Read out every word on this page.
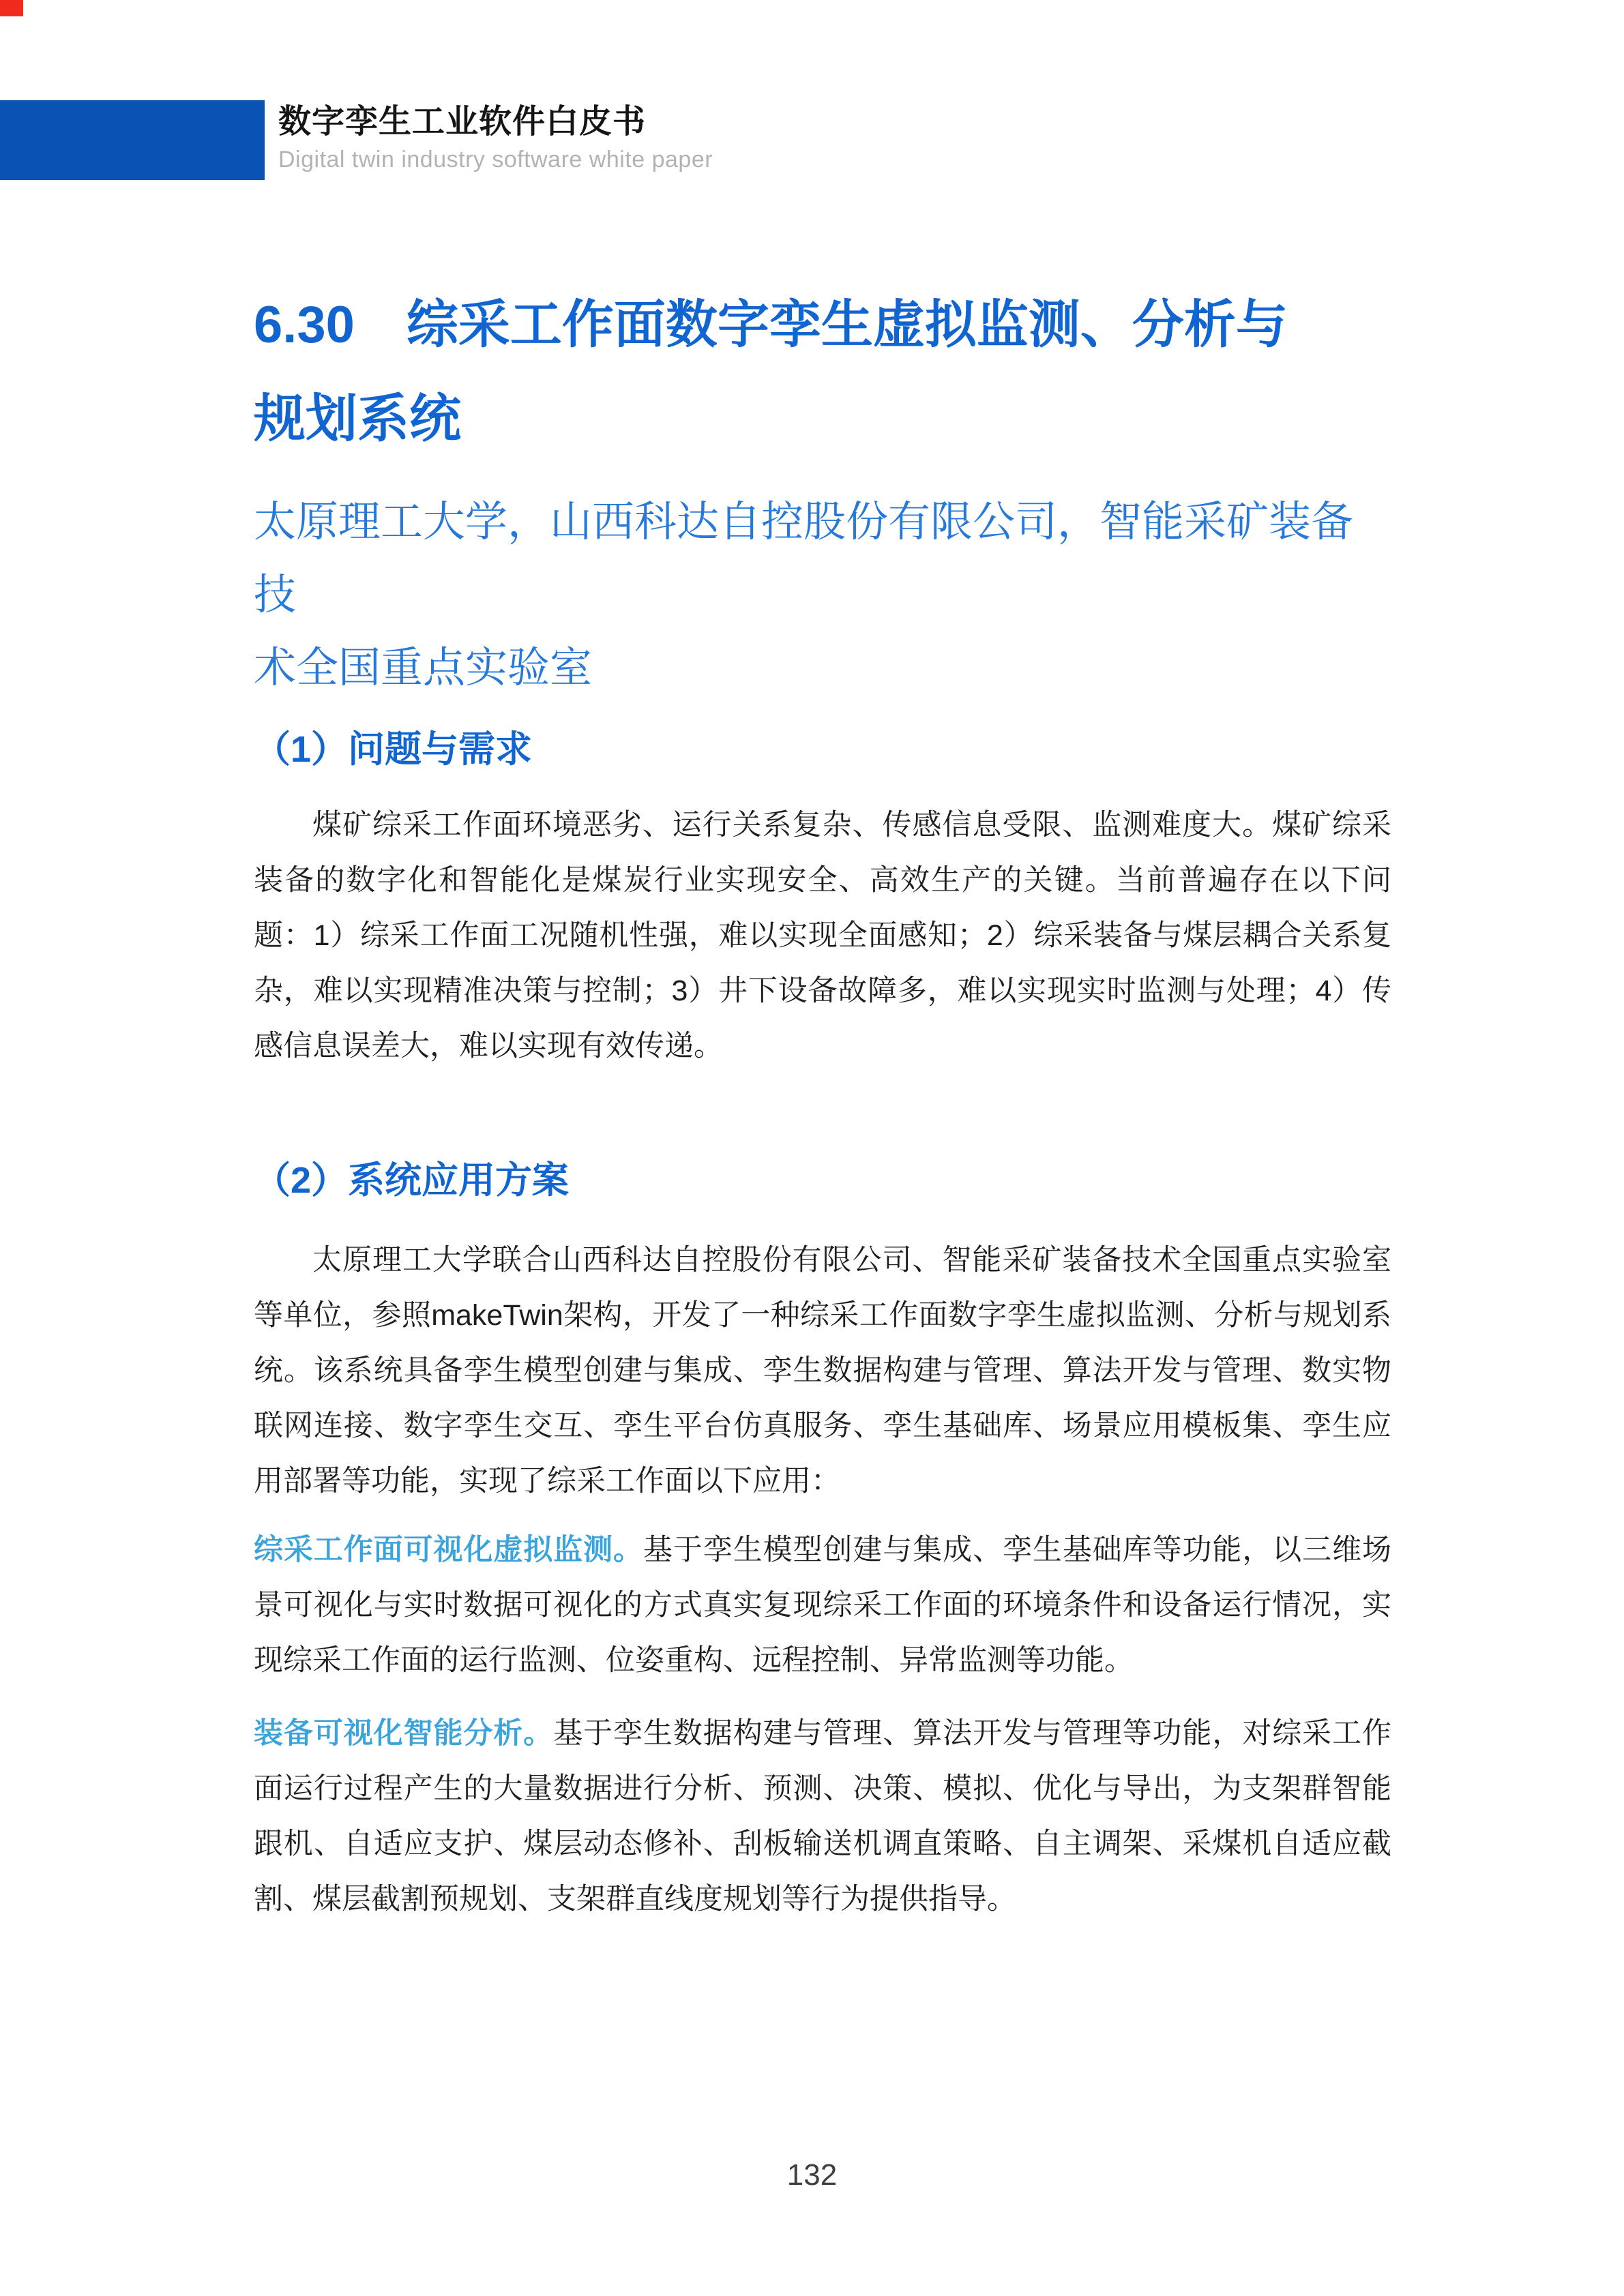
数字孪生工业软件白皮书
Digital twin industry software white paper
6.30　综采工作面数字孪生虚拟监测、分析与
规划系统
太原理工大学，山西科达自控股份有限公司，智能采矿装备技
术全国重点实验室
（1）问题与需求
煤矿综采工作面环境恶劣、运行关系复杂、传感信息受限、监测难度大。煤矿综采装备的数字化和智能化是煤炭行业实现安全、高效生产的关键。当前普遍存在以下问题：1）综采工作面工况随机性强，难以实现全面感知；2）综采装备与煤层耦合关系复杂，难以实现精准决策与控制；3）井下设备故障多，难以实现实时监测与处理；4）传感信息误差大，难以实现有效传递。
（2）系统应用方案
太原理工大学联合山西科达自控股份有限公司、智能采矿装备技术全国重点实验室等单位，参照makeTwin架构，开发了一种综采工作面数字孪生虚拟监测、分析与规划系统。该系统具备孪生模型创建与集成、孪生数据构建与管理、算法开发与管理、数实物联网连接、数字孪生交互、孪生平台仿真服务、孪生基础库、场景应用模板集、孪生应用部署等功能，实现了综采工作面以下应用：
综采工作面可视化虚拟监测。基于孪生模型创建与集成、孪生基础库等功能，以三维场景可视化与实时数据可视化的方式真实复现综采工作面的环境条件和设备运行情况，实现综采工作面的运行监测、位姿重构、远程控制、异常监测等功能。
装备可视化智能分析。基于孪生数据构建与管理、算法开发与管理等功能，对综采工作面运行过程产生的大量数据进行分析、预测、决策、模拟、优化与导出，为支架群智能跟机、自适应支护、煤层动态修补、刮板输送机调直策略、自主调架、采煤机自适应截割、煤层截割预规划、支架群直线度规划等行为提供指导。
132
